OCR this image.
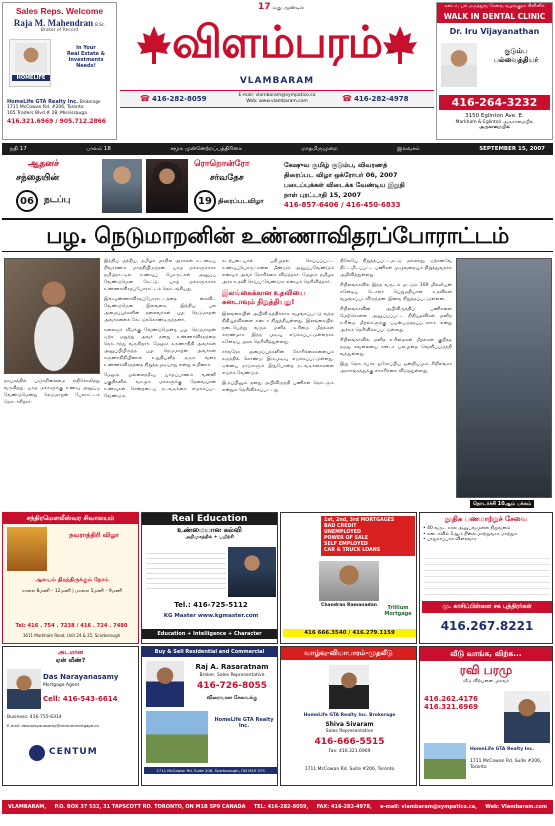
Sales Reps. Welcome
Raja M. Mahendran B.Sc.
Broker of Record
HOMELIFE
In Your
Real Estate &
Investments
Needs!
HomeLife GTA Realty Inc. Brokerage
1711 McCowan Rd. #206, Toronto
165 Traders Blvd # 28, Mississauga
416.321.6969 / 905.712.2866
17 வது ஆண்டில்
விளம்பரம்	TM
VLAMBARAM
☎ 416-282-8059	E-mail: vlambaram@sympatico.ca
Web: www.vlambaram.com	☎ 416-282-4978
கனடா, பல் மருத்துவ சேவை வழங்குநர் கிளினிக்
WALK IN DENTAL CLINIC
Dr. Iru Vijayanathan
குடும்ப
பல்வைத்தியர்
416-264-3232
3150 Eglinton Ave. E.
Markham & Eglinton அருகாமையில்
அருகாமையில்
நதி 17	பாலம் 18	சமூக முன்னேற்றப்பத்திரிகை	மாதமிருமுறை	இலவசம்	SEPTEMBER 15, 2007
ஆதனச்
சந்தையின்
06	நடப்பு
ரொறொன்ரோ
சர்வதேச
19 திரைப்படவிழா
கேஷுவ குமிழ் குடும்ப, விவரணத்
திரைப்பட விழா ஒக்ரோபர் 06, 2007
படைப்புக்கள் விடைக்க வேண்டிய இறுதி
நாள் புரட்டாதி 15, 2007
416-857-6406 / 416-450-6833
பழ. நெடுமாறனின் உண்ணாவிதரப்போராட்டம்

இந்திய மத்திய, தமிழக மாநில அரசுகள் உடனடிய நிவாரணம் மாத்தியிருந்தன. யாழ் மக்களுக்காக தமிழ்நாட்டில் உணவுப் பொருட்கள் அனுப்ப வேண்டுமென கேட்டு, யாழ் மக்களுக்காக உண்ணாவிரதப்போராட்டம் தொடங்கியது.

இவ்வுண்ணாவிரதப்போராட்டத்தை கைவிட வேண்டுமென இலங்கை, இந்திய பல அமைப்புக்களின் தலைவர்கள் பழ. நெடுமாறன் அவர்களைக் கேட்டுக்கொண்டிருந்தனர்.

கலைஞர் வீடுக்கு வேண்டுமென்ற பழ. நெடுமாறன் ஏற்க மறுத்து அவர் தனது உண்ணாவிரதத்தை தொடர்ந்து வருகிறார். மேலும் கருணாநிதி அவர்கள் அனுப்பியிருந்த பழ. நெடுமாறன் அவர்கள் கருணாநிதியினால் உறுதியளித் தரும் வரை உண்ணாவிரதத்தை நிறுத்தமுடியாது என்று கூறினார்.

மேலும் முல்லைத்தீவு, யாழ்ப்பாணம் வன்னி பகுதிகளில் வாழும் மக்களுக்கு தேவையான உணவுகள் சென்றடைய நடவடிக்கை எடுக்கப்பட வேண்டும்.

தாயகத்தில் பஞ்சநிலைமை எதிரொலித்து வருகிறது. யாழ் மக்களுக்கு உணவு அனுப்ப வேண்டுமென்று நெடுமாறன் போராட்டம் தொடர்கிறார்.

கடற்படையால் பறிமுதல் செய்யப்பட்ட உணவுப்பொருட்களை மீண்டும் அனுப்பவேண்டும் எனவும் அவர் கோரிக்கை விடுத்தார். மேலும் தமிழக அரசு உதவி செய்ய வேண்டும் எனவும் தெரிவித்தார்.

இலங்கைக்கான உதவியை
கனடாவும் நிறுத்தியது!

இலங்கையின் அபிவிருத்திக்காக வழங்கப்பட்டு வந்த நிதியுதவிகளை கனடா நிறுத்தியுள்ளது. இலங்கையில் நடைபெற்று வரும் மனித உரிமை மீறல்கள் காரணமாக இந்த முடிவு எடுக்கப்பட்டுள்ளதாக கனேடிய அரசு தெரிவித்துள்ளது.

சர்வதேச அமைப்புக்களின் கோரிக்கைகளையும் கருத்தில் கொண்டு இம்முடிவு எடுக்கப்பட்டுள்ளது. ஏனைய நாடுகளும் இதுபோன்ற நடவடிக்கைகளை எடுக்க வேண்டும்.

இருப்பினும் தனது அபிவிருத்தி பணிகள் தொடரும் என்றும் தெரிவிக்கப்பட்டது.

திலேயே நிறுத்தப்பட்டமட்டு மல்லாது, ஏற்கனவே திட்டமிடப்பட்ட பணிகள் முழுவதையும் நிறுத்துவதாக அறிவித்துள்ளது.

சிறிலங்காவில் இந்த வருடம் மட்டும் 100 மில்லியன் கனேடிய டொலர் பெறுமதியான உதவிகள் வழங்கப்படவிருந்தன. இவை நிறுத்தப்பட்டுள்ளன.

சிறிலங்காவின் அபிவிருத்திப் பணிகளை மேற்கொள்ள அனுப்பப்பட்ட நிதியுதவிகள் மனித உரிமை மீறல்களுக்கு பயன்படுத்தப்படலாம் என்று அச்சம் தெரிவிக்கப்பட்டுள்ளது.

சிறிலங்காவில் மனித உரிமைகள் மீறல்கள் குறித்த தமது கவலையை கனடா பலமுறை வெளிப்படுத்தி வந்துள்ளது.

இது தொடர்பாக ஐரோப்பிய ஒன்றியமும் சிறிலங்கா அரசாங்கத்துக்கு எச்சரிக்கை விடுத்துள்ளது.

தொடர்ச்சி 10ஆம் பக்கம்
சந்திரமௌலீஸ்வர சிவாலயம்
நவராத்திரி விழா
ஆலயம் திறந்திருக்கும் நேரம்
காலை 8மணி – 12மணி | மாலை 5மணி – 9மணி
Tel: 416 . 754 . 7238 / 416 . 724 . 7480
3611 Markham Road, Unit 24 & 25, Scarborough
Real Education
உண்மையான கல்வி
அறிமுகத்தில் + பயிற்சி
Tel.: 416-725-5112
KG Master www.kgmaster.com
Education + Intelligence + Character
1st, 2nd, 3rd MORTGAGES
BAD CREDIT
UNEMPLOYED
POWER OF SALE
SELF EMPLOYED
CAR & TRUCK LOANS
Chandran Ramanadan	Trillium Mortgage
416 666.3540 / 416.279.1159
நூதிக பணமாற்றுச் சேவை
• 40 வருட கால அனுபவமுள்ள நிறுவனம்
• கனடாவில் 1ஆம் நிலை மாற்றுவாக மாற்றும்
• பாதுகாப்பாக விரைவாக
மு. காசிப்பிள்ளை சக புத்திரர்கள்
416.267.8221
அடமான
ஏன் வீண்?
Das Narayanasamy
Mortgage Agent
Cell: 416-543-6614
Business: 416-755-6314
E-mail: dasnarayanasamy@centummortgage.ca
CENTUM
Buy & Sell Residential and Commercial
Raj A. Rasaratnam
Broker, Sales Representative
416-726-8055
விரைவான சேவைக்கு
HomeLife GTA Realty Inc.
1711 McCowan Rd. Suite 208, Scarborough, ON M1S 2Y3
வாழ்வு-வியாபாரம்-முதலீடு
HomeLife GTA Realty Inc. Brokerage
Shiva Sivaram
Sales Representative
416-666-5515
Fax: 416.321.6969
1711 McCowan Rd. Suite #206, Toronto
வீடு வாங்க, விற்க...
ரவி பரமு
வீடு விற்பனை முகவர்
416.262.4176
416.321.6969
HomeLife GTA Realty Inc.
1711 McCowan Rd. Suite #206, Toronto
VLAMBARAM, P.O. BOX 37 532, 31 TAPSCOTT RD. TORONTO, ON M1B 5P9 CANADA TEL: 416-282-8059, FAX: 416-282-4978, e-mail: vlambaram@sympatico.ca, Web: Vlambaram.com
